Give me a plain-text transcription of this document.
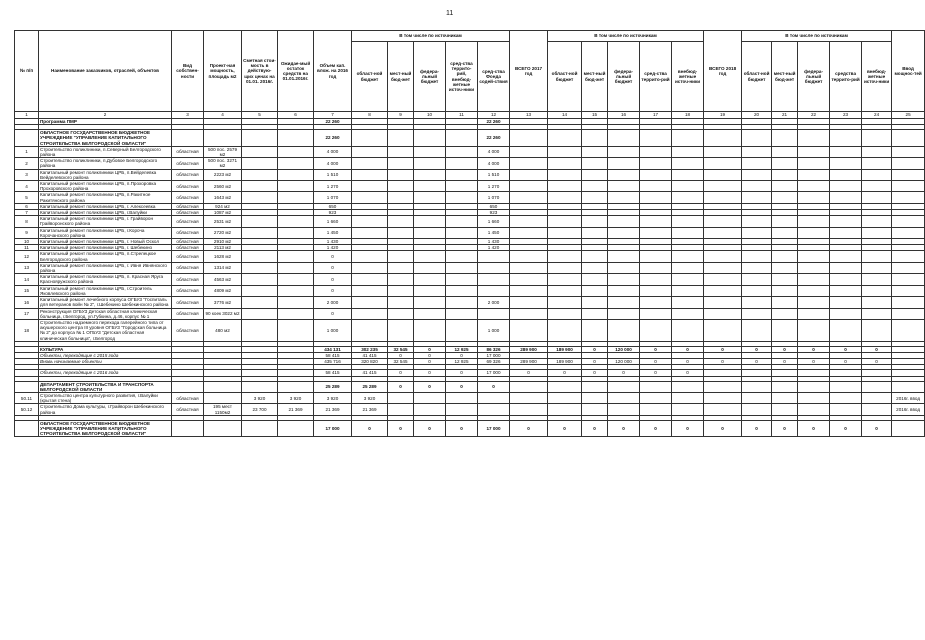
11
№ п/п	Наименование заказчиков, отраслей, объектов	Вид собствен-ности	Проект-ная мощность, площадь м2	Сметная стои-мость в действую-щих ценах на 01.01. 2016г.	Ожидае-мый остаток средств на 01.01.2016г.	Объем кап. влож. на 2016 год	В том числе по источникам					ВСЕГО 2017 год	В том числе по источникам					ВСЕГО 2018 год	В том числе по источникам					Ввод мощнос-тей
							област-ной бюджет	мест-ный бюд-жет	федера-льный бюджет	сред-ства террито-рий, внебюд-жетные источ-ники	сред-ства Фонда содей-ствия		област-ной бюджет	мест-ный бюд-жет	федера-льный бюджет	сред-ства террито-рий	внебюд-жетные источ-ники		област-ной бюджет	мест-ный бюд-жет	федера-льный бюджет	средства террито-рий	внебюд-жетные источ-ники	
1	2	3	4	5	6	7	8	9	10	11	12	13	14	15	16	17	18	19	20	21	22	23	24	25
	Программа ПМР					22 260					22 260													

	ОБЛАСТНОЕ ГОСУДАРСТВЕННОЕ БЮДЖЕТНОЕ УЧРЕЖДЕНИЕ "УПРАВЛЕНИЕ КАПИТАЛЬНОГО СТРОИТЕЛЬСТВА БЕЛГОРОДСКОЙ ОБЛАСТИ"					22 260					22 260													
1	Строительство поликлиники, п.Северный Белгородского района	областная	500 пос. 2579 м2			4 000					4 000													
2	Строительство поликлиники, п.Дубовое Белгородского района	областная	500 пос. 3271 м2			4 000					4 000													
3	Капитальный ремонт поликлиники ЦРБ, п.Вейделевка Вейделевского района	областная	2223 м2			1 510					1 510													
4	Капитальный ремонт поликлиники ЦРБ, п.Прохоровка Прохоровского района	областная	2560 м2			1 270					1 270													
5	Капитальный ремонт поликлиники ЦРБ, п.Ракитное Ракитянского района	областная	1643 м2			1 070					1 070													
6	Капитальный ремонт поликлиники ЦРБ, г. Алексеевка	областная	924 м2			650					650													
7	Капитальный ремонт поликлиники ЦРБ, г.Валуйки	областная	1087 м2			923					923													
8	Капитальный ремонт поликлиники ЦРБ, г. Грайворон Грайворонского района	областная	2531 м2			1 660					1 660													
9	Капитальный ремонт поликлиники ЦРБ, г.Короча Корочанского района	областная	2720 м2			1 450					1 450													
10	Капитальный ремонт поликлиники ЦРБ, г. Новый Оскол	областная	2910 м2			1 430					1 430													
11	Капитальный ремонт поликлиники ЦРБ, г. Шебекино	областная	2113 м2			1 420					1 420													
12	Капитальный ремонт поликлиники ЦРБ, п.Стрелецкое Белгородского района	областная	1628 м2			0																		
13	Капитальный ремонт поликлиники ЦРБ, г. Ивня Ивнянского района	областная	1314 м2			0																		
14	Капитальный ремонт поликлиники ЦРБ, п. Красная Яруга Краснояружского района	областная	4563 м2			0																		
15	Капитальный ремонт поликлиники ЦРБ, г.Строитель Яковлевского района	областная	4809 м2			0																		
16	Капитальный ремонт лечебного корпуса ОГБУЗ "Госпиталь для ветеранов войн № 2", г.Шебекино Шебекинского района	областная	3776 м2			2 000					2 000													
17	Реконструкция ОГБУЗ Детская областная клиническая больница, г.Белгород, ул.Губкина, д.46, корпус № 1	областная	90 коек 3022 м2			0																		
18	Строительство надземного перехода галерейного типа от акушерского центра III уровня ОГБУЗ "Городская больница № 2" до корпуса № 1 ОГБУЗ "Детская областная клиническая больница", г.Белгород	областная	480 м2			1 000					1 000													

	КУЛЬТУРА					434 131	302 235	32 545	0	12 925	86 326	289 900	189 900	0	120 000	0	0	0	0	0	0	0	0	
	Объекты, переходящие с 2015 года					58 415	41 415	0	0	0	17 000													
	Вновь начинаемые объекты					435 716	320 820	32 545	0	12 925	69 326	289 900	189 900	0	120 000	0	0	0	0	0	0	0	0	

	Объекты, переходящие с 2016 года					58 415	41 415	0	0	0	17 000	0	0	0	0	0	0							

	ДЕПАРТАМЕНТ СТРОИТЕЛЬСТВА И ТРАНСПОРТА БЕЛГОРОДСКОЙ ОБЛАСТИ					25 289	25 289	0	0	0	0													
50.11	Строительство центра культурного развития, г.Валуйки (крытая стена)	областная		3 920	3 920	3 920	3 920																	2016г. ввод
50.12	Строительство Дома культуры, г.Грайворон Шебекинского района	областная	195 мест 1150м2	23 700	21 369	21 369	21 369																	2016г. ввод

	ОБЛАСТНОЕ ГОСУДАРСТВЕННОЕ БЮДЖЕТНОЕ УЧРЕЖДЕНИЕ "УПРАВЛЕНИЕ КАПИТАЛЬНОГО СТРОИТЕЛЬСТВА БЕЛГОРОДСКОЙ ОБЛАСТИ"					17 000	0	0	0	0	17 000	0	0	0	0	0	0	0	0	0	0	0	0	
